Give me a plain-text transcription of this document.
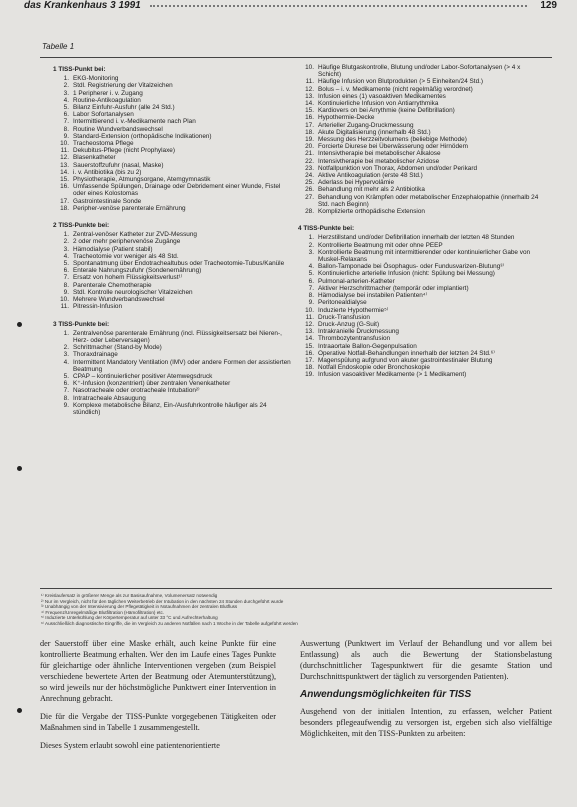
das Krankenhaus 3 1991	129
Tabelle 1
1 TISS-Punkt bei:
1. EKG-Monitoring
2. Stdl. Registrierung der Vitalzeichen
3. 1 Peripherer i. v. Zugang
4. Routine-Antikoagulation
5. Bilanz Einfuhr-Ausfuhr (alle 24 Std.)
6. Labor Sofortanalysen
7. Intermittierend i. v.-Medikamente nach Plan
8. Routine Wundverbandswechsel
9. Standard-Extension (orthopädische Indikationen)
10. Tracheostoma Pflege
11. Dekubitus-Pflege (nicht Prophylaxe)
12. Blasenkatheter
13. Sauerstoffzufuhr (nasal, Maske)
14. i. v. Antibiotika (bis zu 2)
15. Physiotherapie, Atmungsorgane, Atemgymnastik
16. Umfassende Spülungen, Drainage oder Debridement einer Wunde, Fistel oder eines Kolostomas
17. Gastrointestinale Sonde
18. Peripher-venöse parenterale Ernährung
2 TISS-Punkte bei:
1. Zentral-venöser Katheter zur ZVD-Messung
2. 2 oder mehr periphervenöse Zugänge
3. Hämodialyse (Patient stabil)
4. Tracheotomie vor weniger als 48 Std.
5. Spontanatmung über Endotrachealtubus oder Tracheotomie-Tubus/Kanüle
6. Enterale Nahrungszufuhr (Sondenernährung)
7. Ersatz von hohem Flüssigkeitsverlust¹⁾
8. Parenterale Chemotherapie
9. Stdl. Kontrolle neurologischer Vitalzeichen
10. Mehrere Wundverbandswechsel
11. Pitressin-Infusion
3 TISS-Punkte bei:
1. Zentralvenöse parenterale Ernährung (incl. Flüssigkeitsersatz bei Nieren-, Herz- oder Leberversagen)
2. Schrittmacher (Stand-by Mode)
3. Thoraxdrainage
4. Intermittent Mandatory Ventilation (IMV) oder andere Formen der assistierten Beatmung
5. CPAP – kontinuierlicher positiver Atemwegsdruck
6. K⁺-Infusion (konzentriert) über zentralen Venenkatheter
7. Nasotracheale oder orotracheale Intubation²⁾
8. Intratracheale Absaugung
9. Komplexe metabolische Bilanz, Ein-/Ausfuhrkontrolle häufiger als 24 stündlich)
10. Häufige Blutgaskontrolle, Blutung und/oder Labor-Sofortanalysen (> 4 x Schicht)
11. Häufige Infusion von Blutprodukten (> 5 Einheiten/24 Std.)
12. Bolus – i. v. Medikamente (nicht regelmäßig verordnet)
13. Infusion eines (1) vasoaktiven Medikamentes
14. Kontinuierliche Infusion von Antiarrythmika
15. Kardiovers on bei Arrythmie (keine Defibrillation)
16. Hypothermie-Decke
17. Arterieller Zugang-Druckmessung
18. Akute Digitalisierung (innerhalb 48 Std.)
19. Messung des Herzzeitvolumens (beliebige Methode)
20. Forcierte Diurese bei Überwässerung oder Hirnödem
21. Intensivtherapie bei metabolischer Alkalose
22. Intensivtherapie bei metabolischer Azidose
23. Notfallpunktion von Thorax, Abdomen und/oder Perikard
24. Aktive Antikoagulation (erste 48 Std.)
25. Aderlass bei Hypervolämie
26. Behandlung mit mehr als 2 Antibiotika
27. Behandlung von Krämpfen oder metabolischer Enzephalopathie (innerhalb 24 Std. nach Beginn)
28. Komplizierte orthopädische Extension
4 TISS-Punkte bei:
1. Herzstillstand und/oder Defibrillation innerhalb der letzten 48 Stunden
2. Kontrollierte Beatmung mit oder ohne PEEP
3. Kontrollierte Beatmung mit intermittierender oder kontinuierlicher Gabe von Muskel-Relaxans
4. Ballon-Tamponade bei Ösophagus- oder Fundusvarizen-Blutung³⁾
5. Kontinuierliche arterielle Infusion (nicht: Spülung bei Messung)
6. Pulmonal-arterien-Katheter
7. Aktiver Herzschrittmacher (temporär oder implantiert)
8. Hämodialyse bei instabilen Patienten⁴⁾
9. Peritonealdialyse
10. Induzierte Hypothermie⁵⁾
11. Druck-Transfusion
12. Druck-Anzug (G-Suit)
13. Intrakranielle Druckmessung
14. Thrombozytentransfusion
15. Intraaortale Ballon-Gegenpulsation
16. Operative Notfall-Behandlungen innerhalb der letzten 24 Std.⁶⁾
17. Magenspülung aufgrund von akuter gastrointestinaler Blutung
18. Notfall Endoskopie oder Bronchoskopie
19. Infusion vasoaktiver Medikamente (> 1 Medikament)

¹⁾ Kreislaufersatz in größerer Menge als zur Basisaufnahme, Volumenersatz notwendig

²⁾ Nur im Vergleich, nicht für den täglichen Weiterbetrieb der Intubation in den nächsten 24 Stunden durchgeführt wurde

³⁾ Unabhängig von der Intensivierung der Pflegetätigkeit in Notaufnahmen der zentralen Blutfluss

⁴⁾ Frequenz/Unregelmäßige Blutfiltration (Hämofiltration) etc.

⁵⁾ Induzierte Unterkühlung der Körpertemperatur auf unter 33 °C und Aufrechterhaltung

⁶⁾ Ausschließlich diagnostische Eingriffe, die im Vergleich zu anderen Notfällen nach 1 Woche in der Tabelle aufgeführt werden

der Sauerstoff über eine Maske erhält, auch keine Punkte für eine kontrollierte Beatmung erhalten. Wer den im Laufe eines Tages Punkte für gleichartige oder ähnliche Interventionen vergeben (zum Beispiel verschiedene bewertete Arten der Beatmung oder Atemunterstützung), so wird jeweils nur der höchstmögliche Punktwert einer Intervention in Anrechnung gebracht.

Die für die Vergabe der TISS-Punkte vorgegebenen Tätigkeiten oder Maßnahmen sind in Tabelle 1 zusammengestellt.

Dieses System erlaubt sowohl eine patientenorientierte

Auswertung (Punktwert im Verlauf der Behandlung und vor allem bei Entlassung) als auch die Bewertung der Stationsbelastung (durchschnittlicher Tagespunktwert für die gesamte Station und Durchschnittspunktwert der täglich zu versorgenden Patienten).

Anwendungsmöglichkeiten für TISS

Ausgehend von der initialen Intention, zu erfassen, welcher Patient besonders pflegeaufwendig zu versorgen ist, ergeben sich also vielfältige Möglichkeiten, mit den TISS-Punkten zu arbeiten:
